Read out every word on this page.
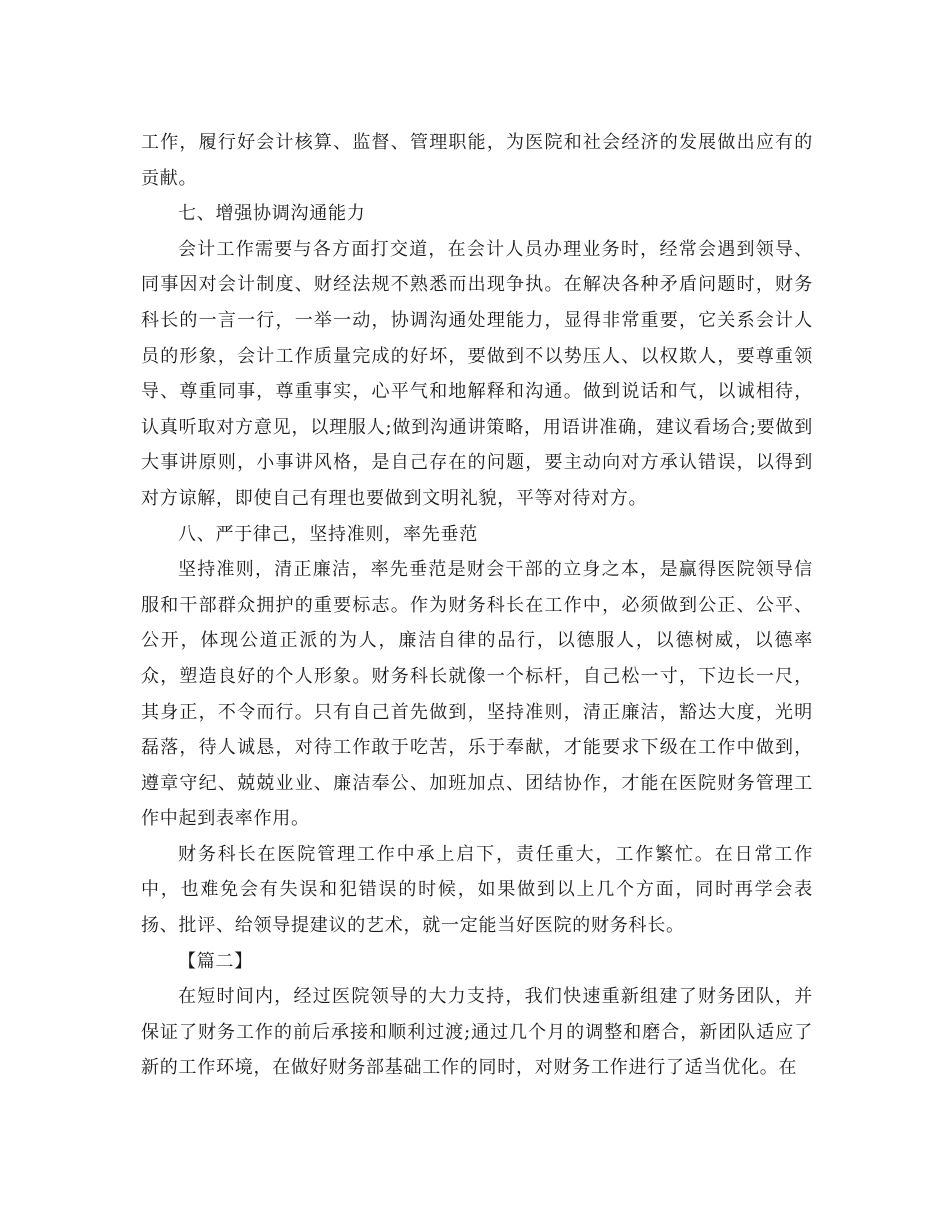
工作，履行好会计核算、监督、管理职能，为医院和社会经济的发展做出应有的贡献。

七、增强协调沟通能力

会计工作需要与各方面打交道，在会计人员办理业务时，经常会遇到领导、同事因对会计制度、财经法规不熟悉而出现争执。在解决各种矛盾问题时，财务科长的一言一行，一举一动，协调沟通处理能力，显得非常重要，它关系会计人员的形象，会计工作质量完成的好坏，要做到不以势压人、以权欺人，要尊重领导、尊重同事，尊重事实，心平气和地解释和沟通。做到说话和气，以诚相待，认真听取对方意见，以理服人;做到沟通讲策略，用语讲准确，建议看场合;要做到大事讲原则，小事讲风格，是自己存在的问题，要主动向对方承认错误，以得到对方谅解，即使自己有理也要做到文明礼貌，平等对待对方。

八、严于律己，坚持准则，率先垂范

坚持准则，清正廉洁，率先垂范是财会干部的立身之本，是赢得医院领导信服和干部群众拥护的重要标志。作为财务科长在工作中，必须做到公正、公平、公开，体现公道正派的为人，廉洁自律的品行，以德服人，以德树威，以德率众，塑造良好的个人形象。财务科长就像一个标杆，自己松一寸，下边长一尺，其身正，不令而行。只有自己首先做到，坚持准则，清正廉洁，豁达大度，光明磊落，待人诚恳，对待工作敢于吃苦，乐于奉献，才能要求下级在工作中做到，遵章守纪、兢兢业业、廉洁奉公、加班加点、团结协作，才能在医院财务管理工作中起到表率作用。

财务科长在医院管理工作中承上启下，责任重大，工作繁忙。在日常工作中，也难免会有失误和犯错误的时候，如果做到以上几个方面，同时再学会表扬、批评、给领导提建议的艺术，就一定能当好医院的财务科长。

【篇二】

在短时间内，经过医院领导的大力支持，我们快速重新组建了财务团队，并保证了财务工作的前后承接和顺利过渡;通过几个月的调整和磨合，新团队适应了新的工作环境，在做好财务部基础工作的同时，对财务工作进行了适当优化。在
